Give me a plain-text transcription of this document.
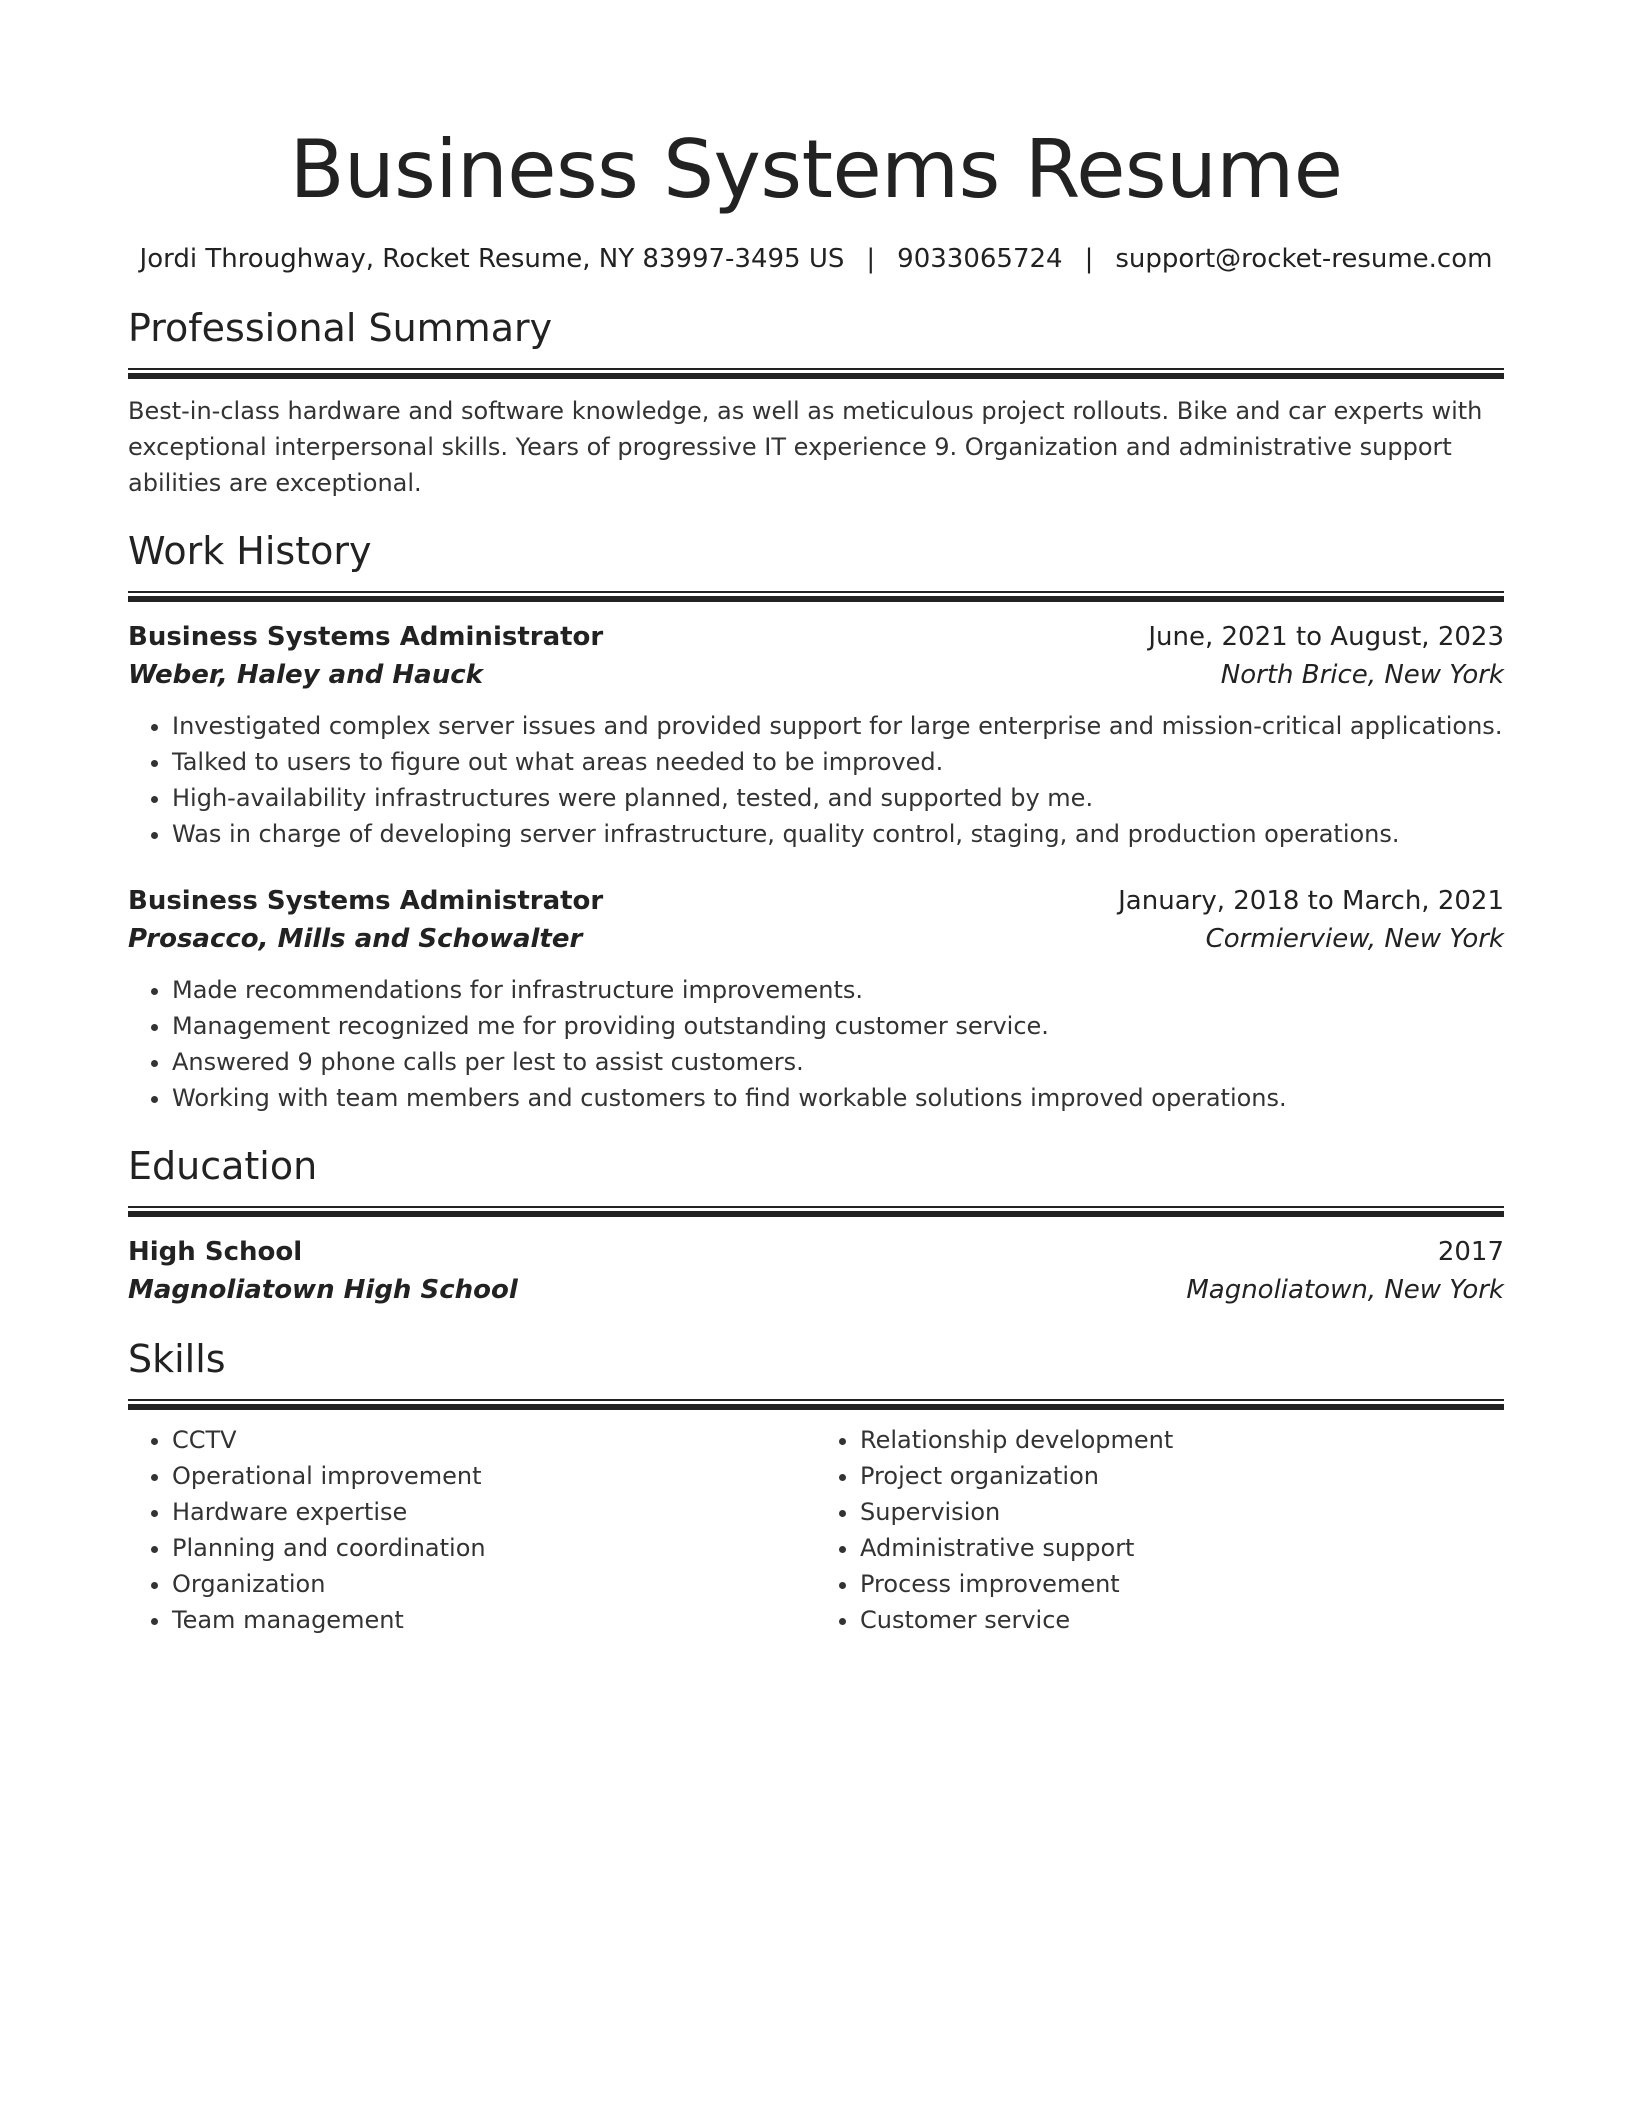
Business Systems Resume
Jordi Throughway, Rocket Resume, NY 83997-3495 US | 9033065724 | support@rocket-resume.com
Professional Summary

Best-in-class hardware and software knowledge, as well as meticulous project rollouts. Bike and car experts with exceptional interpersonal skills. Years of progressive IT experience 9. Organization and administrative support abilities are exceptional.

Work History
Business Systems Administrator	June, 2021 to August, 2023
Weber, Haley and Hauck	North Brice, New York
• Investigated complex server issues and provided support for large enterprise and mission-critical applications.
• Talked to users to figure out what areas needed to be improved.
• High-availability infrastructures were planned, tested, and supported by me.
• Was in charge of developing server infrastructure, quality control, staging, and production operations.
Business Systems Administrator	January, 2018 to March, 2021
Prosacco, Mills and Schowalter	Cormierview, New York
• Made recommendations for infrastructure improvements.
• Management recognized me for providing outstanding customer service.
• Answered 9 phone calls per lest to assist customers.
• Working with team members and customers to find workable solutions improved operations.
Education
High School	2017
Magnoliatown High School	Magnoliatown, New York
Skills
• CCTV
• Operational improvement
• Hardware expertise
• Planning and coordination
• Organization
• Team management
• Relationship development
• Project organization
• Supervision
• Administrative support
• Process improvement
• Customer service
